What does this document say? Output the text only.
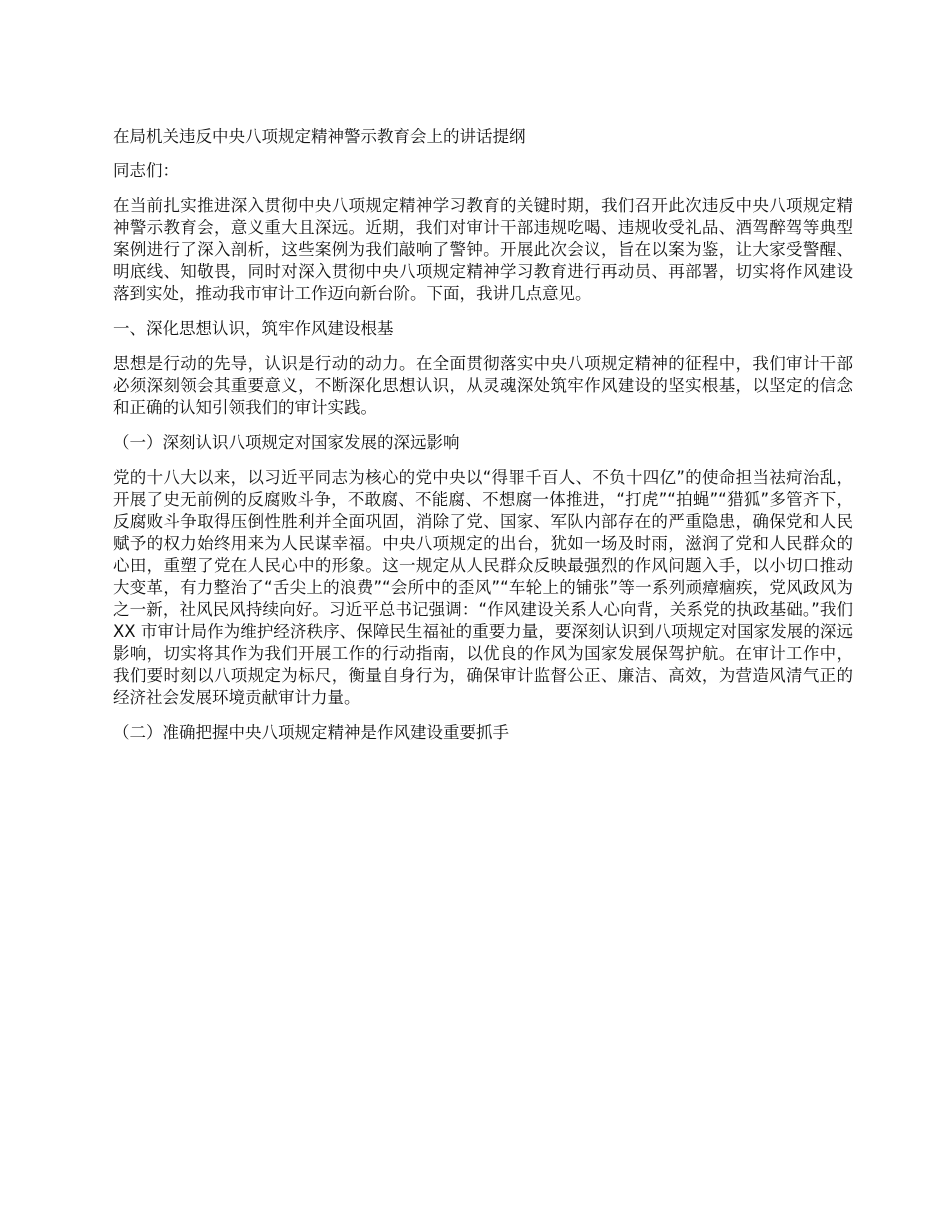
在局机关违反中央八项规定精神警示教育会上的讲话提纲

同志们：

在当前扎实推进深入贯彻中央八项规定精神学习教育的关键时期，我们召开此次违反中央八项规定精神警示教育会，意义重大且深远。近期，我们对审计干部违规吃喝、违规收受礼品、酒驾醉驾等典型案例进行了深入剖析，这些案例为我们敲响了警钟。开展此次会议，旨在以案为鉴，让大家受警醒、明底线、知敬畏，同时对深入贯彻中央八项规定精神学习教育进行再动员、再部署，切实将作风建设落到实处，推动我市审计工作迈向新台阶。下面，我讲几点意见。

一、深化思想认识，筑牢作风建设根基

思想是行动的先导，认识是行动的动力。在全面贯彻落实中央八项规定精神的征程中，我们审计干部必须深刻领会其重要意义，不断深化思想认识，从灵魂深处筑牢作风建设的坚实根基，以坚定的信念和正确的认知引领我们的审计实践。

（一）深刻认识八项规定对国家发展的深远影响

党的十八大以来，以习近平同志为核心的党中央以“得罪千百人、不负十四亿”的使命担当祛疴治乱，开展了史无前例的反腐败斗争，不敢腐、不能腐、不想腐一体推进，“打虎”“拍蝇”“猎狐”多管齐下，反腐败斗争取得压倒性胜利并全面巩固，消除了党、国家、军队内部存在的严重隐患，确保党和人民赋予的权力始终用来为人民谋幸福。中央八项规定的出台，犹如一场及时雨，滋润了党和人民群众的心田，重塑了党在人民心中的形象。这一规定从人民群众反映最强烈的作风问题入手，以小切口推动大变革，有力整治了“舌尖上的浪费”“会所中的歪风”“车轮上的铺张”等一系列顽瘴痼疾，党风政风为之一新，社风民风持续向好。习近平总书记强调：“作风建设关系人心向背，关系党的执政基础。”我们 XX 市审计局作为维护经济秩序、保障民生福祉的重要力量，要深刻认识到八项规定对国家发展的深远影响，切实将其作为我们开展工作的行动指南，以优良的作风为国家发展保驾护航。在审计工作中，我们要时刻以八项规定为标尺，衡量自身行为，确保审计监督公正、廉洁、高效，为营造风清气正的经济社会发展环境贡献审计力量。

（二）准确把握中央八项规定精神是作风建设重要抓手
